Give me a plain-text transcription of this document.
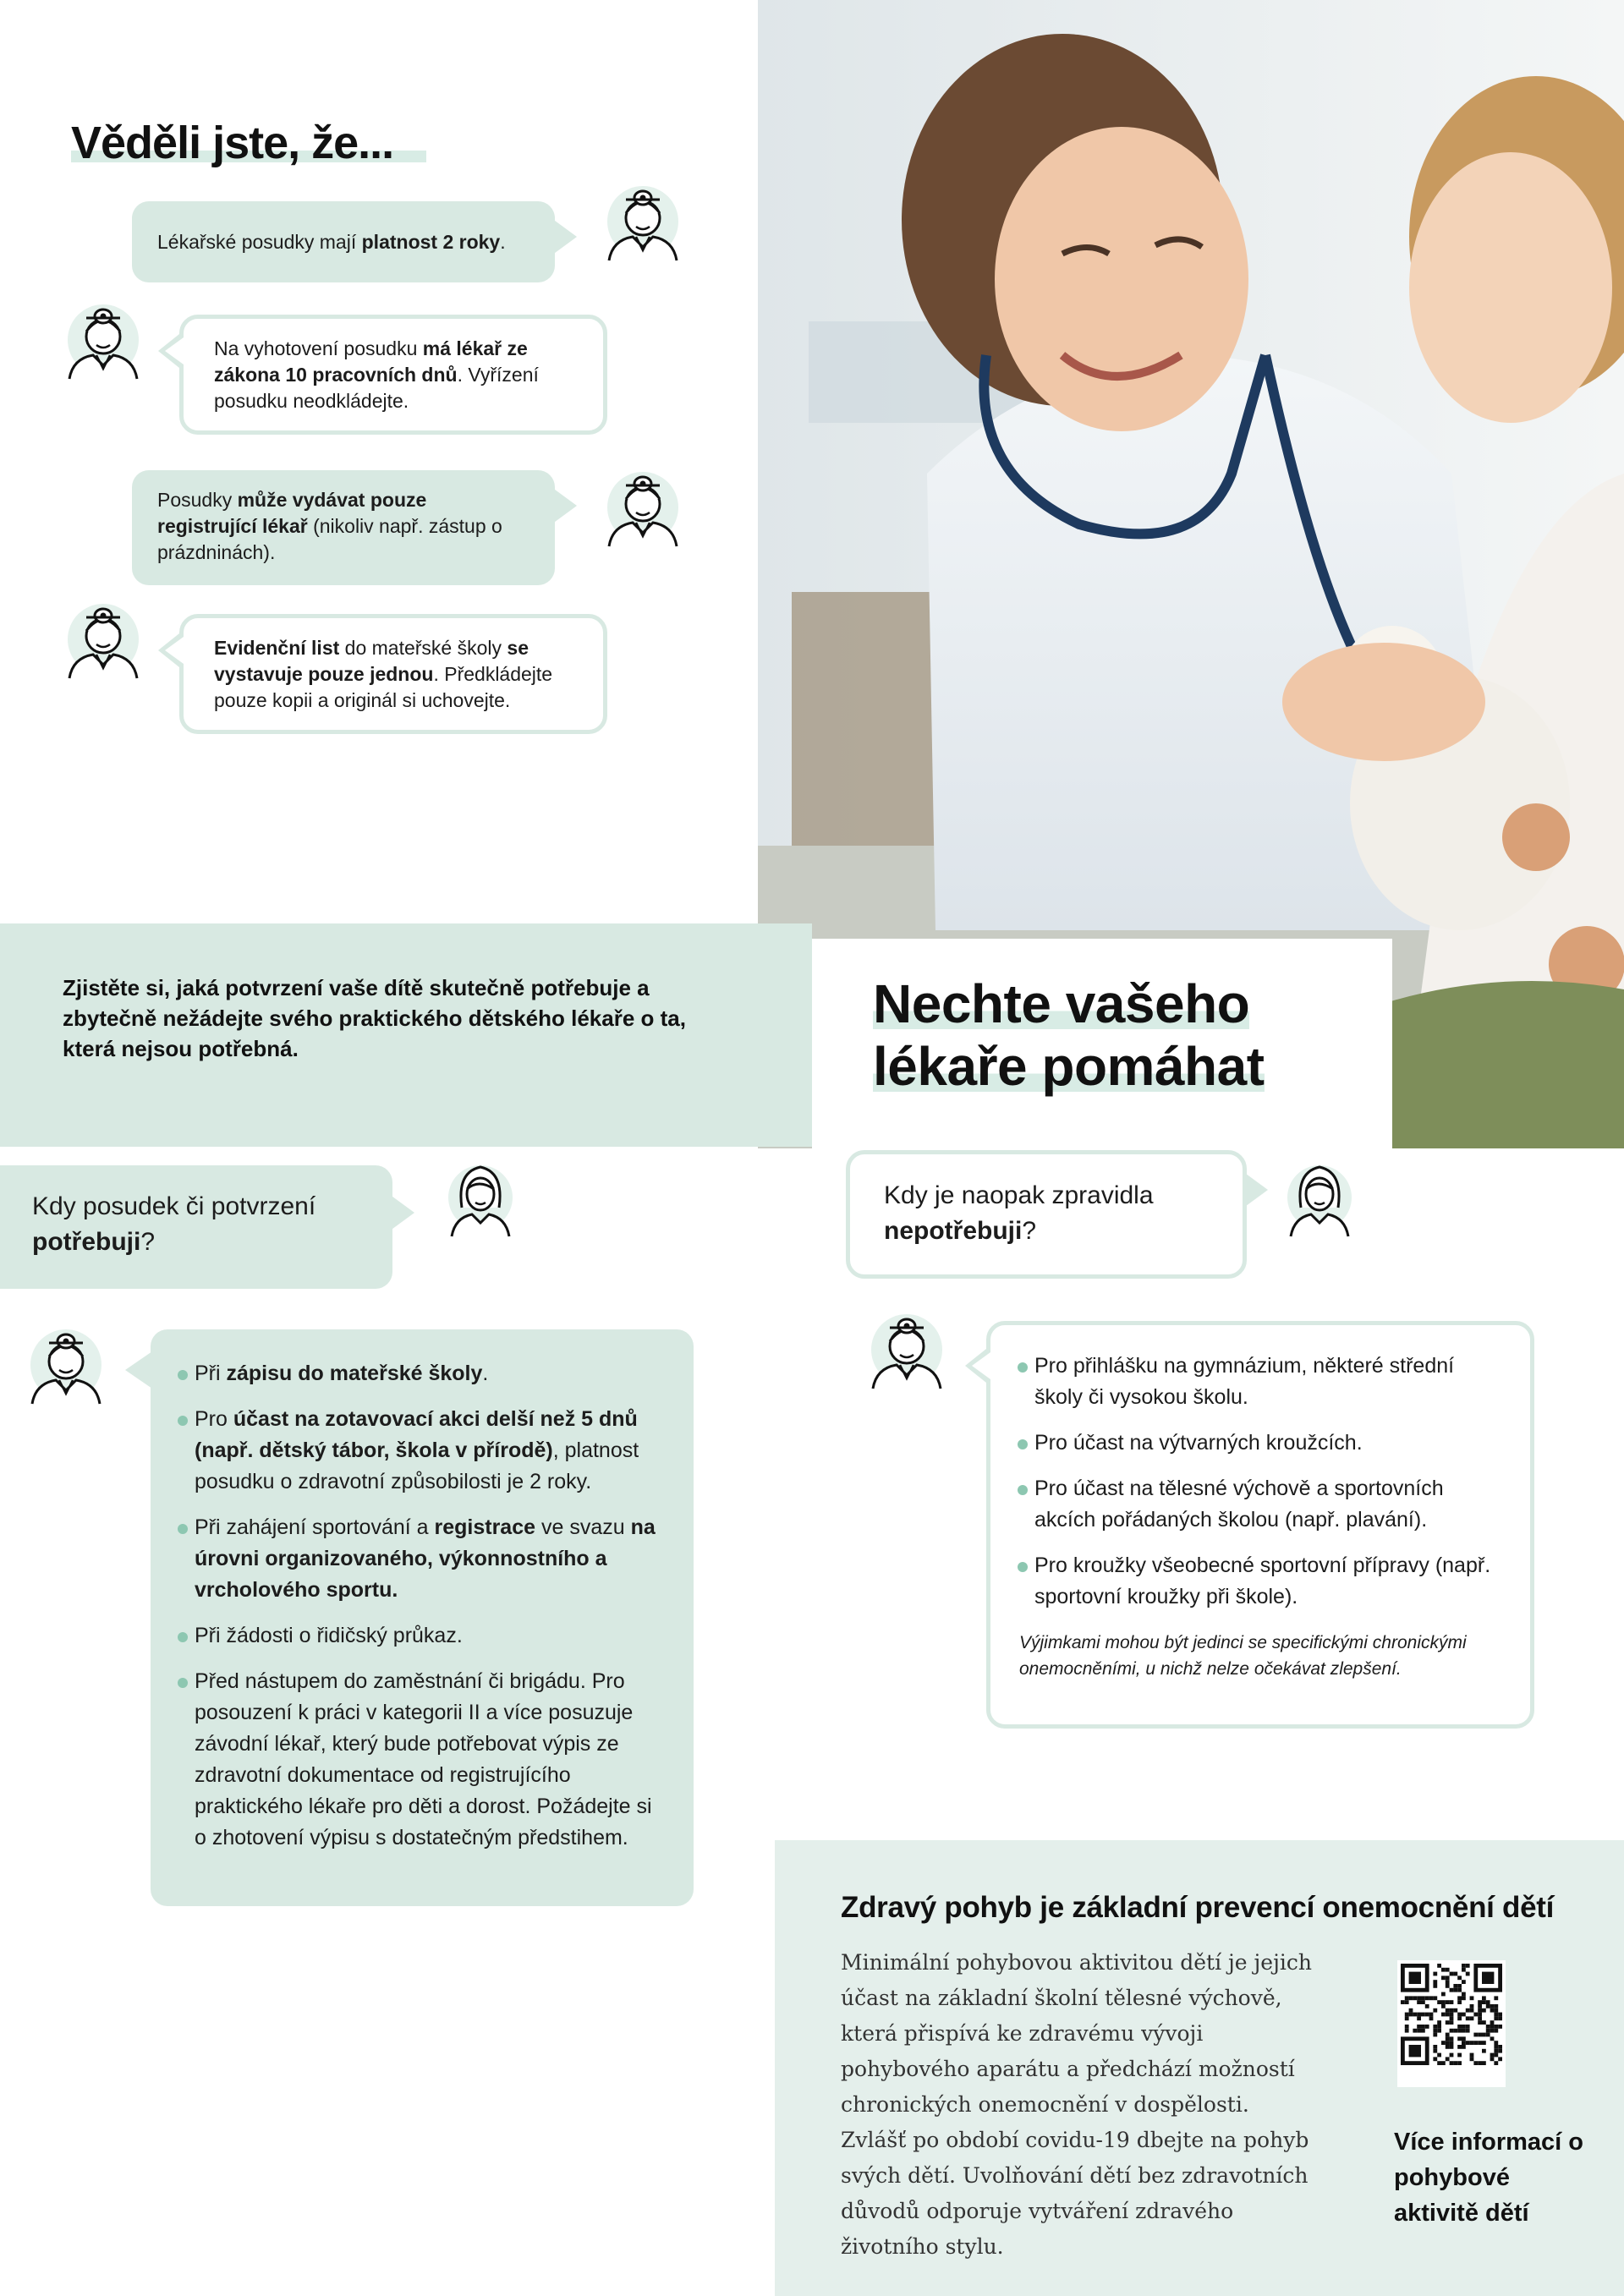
Věděli jste, že...

Lékařské posudky mají platnost 2 roky.

Na vyhotovení posudku má lékař ze zákona 10 pracovních dnů. Vyřízení posudku neodkládejte.

Posudky může vydávat pouze registrující lékař (nikoliv např. zástup o prázdninách).

Evidenční list do mateřské školy se vystavuje pouze jednou. Předkládejte pouze kopii a originál si uchovejte.

Zjistěte si, jaká potvrzení vaše dítě skutečně potřebuje a zbytečně nežádejte svého praktického dětského lékaře o ta, která nejsou potřebná.

Nechte vašeho
lékaře pomáhat

Kdy posudek či potvrzení potřebuji?

Kdy je naopak zpravidla nepotřebuji?

Při zápisu do mateřské školy.
Pro účast na zotavovací akci delší než 5 dnů (např. dětský tábor, škola v přírodě), platnost posudku o zdravotní způsobilosti je 2 roky.
Při zahájení sportování a registrace ve svazu na úrovni organizovaného, výkonnostního a vrcholového sportu.
Při žádosti o řidičský průkaz.
Před nástupem do zaměstnání či brigádu. Pro posouzení k práci v kategorii II a více posuzuje závodní lékař, který bude potřebovat výpis ze zdravotní dokumentace od registrujícího praktického lékaře pro děti a dorost. Požádejte si o zhotovení výpisu s dostatečným předstihem.
Pro přihlášku na gymnázium, některé střední školy či vysokou školu.
Pro účast na výtvarných kroužcích.
Pro účast na tělesné výchově a sportovních akcích pořádaných školou (např. plavání).
Pro kroužky všeobecné sportovní přípravy (např. sportovní kroužky při škole).

Výjimkami mohou být jedinci se specifickými chronickými onemocněními, u nichž nelze očekávat zlepšení.

Zdravý pohyb je základní prevencí onemocnění dětí

Minimální pohybovou aktivitou dětí je jejich účast na základní školní tělesné výchově, která přispívá ke zdravému vývoji pohybového aparátu a předchází možností chronických onemocnění v dospělosti. Zvlášť po období covidu-19 dbejte na pohyb svých dětí. Uvolňování dětí bez zdravotních důvodů odporuje vytváření zdravého životního stylu.

Více informací o pohybové aktivitě dětí
